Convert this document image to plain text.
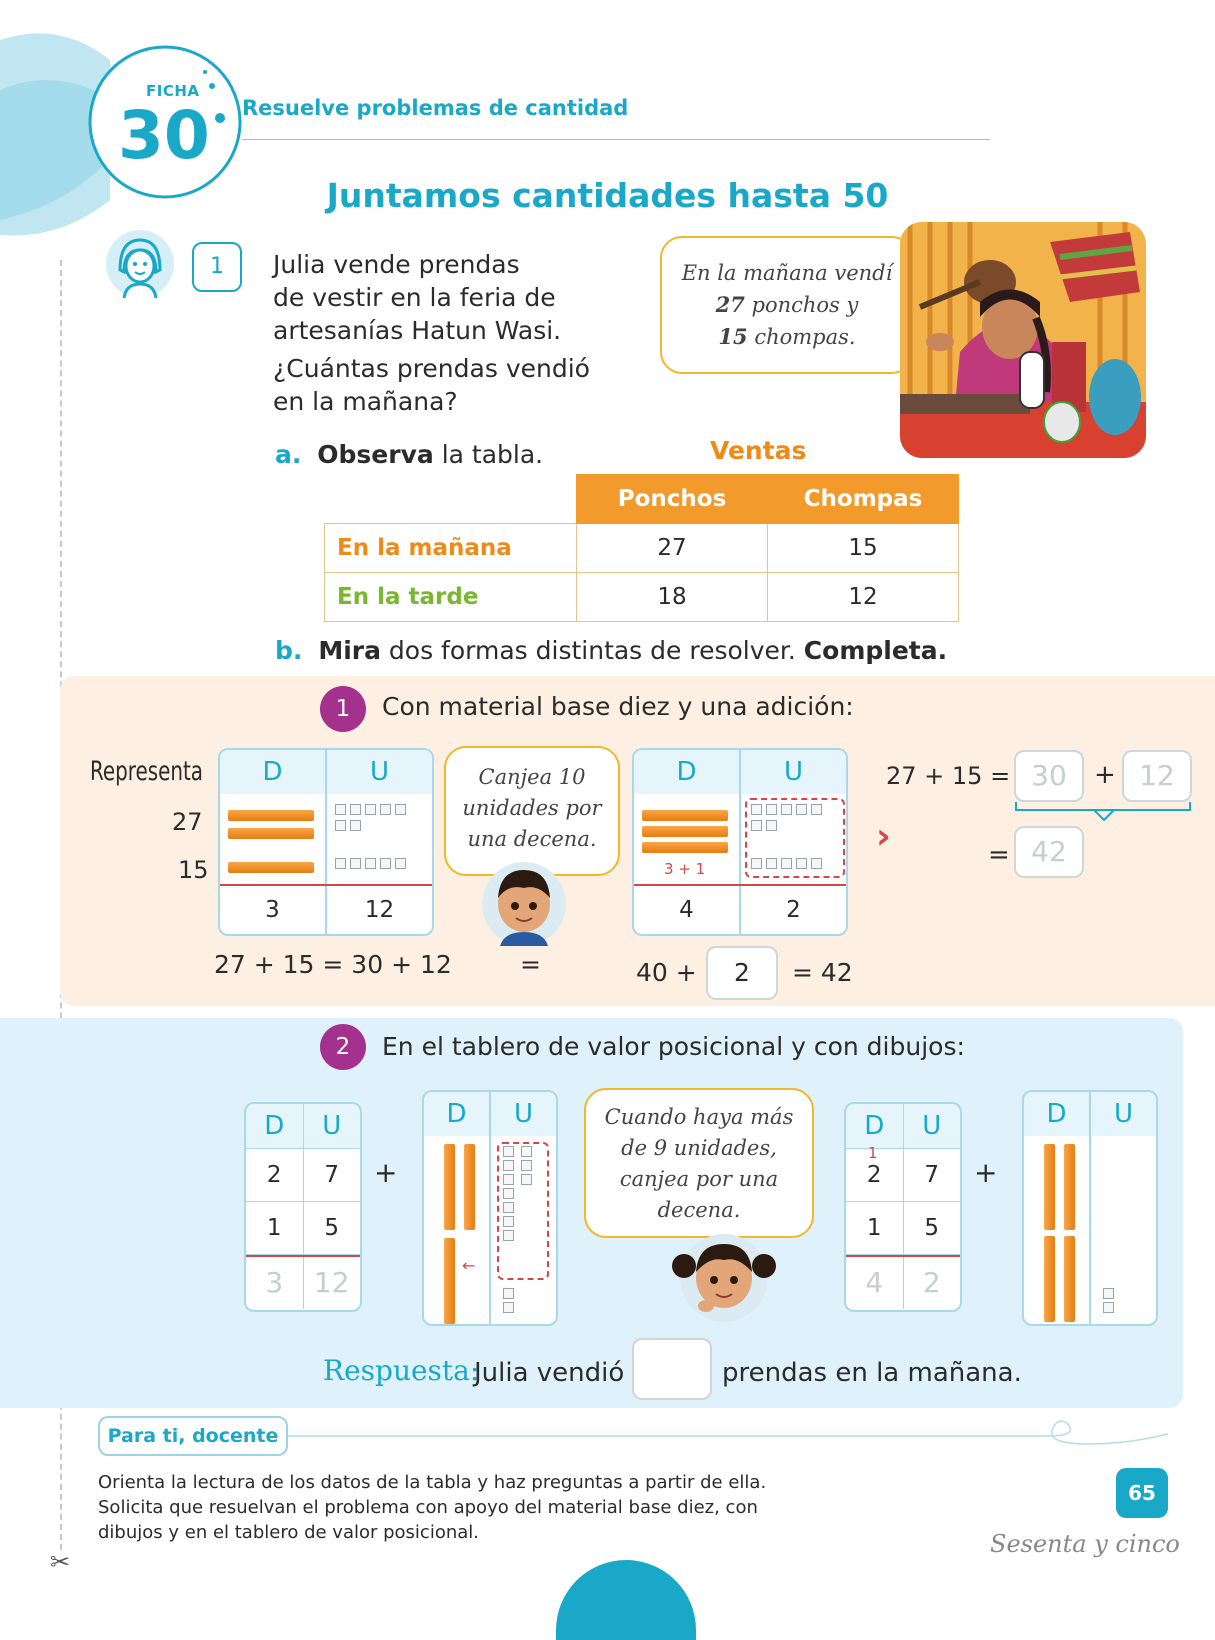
FICHA
30 Resuelve problemas de cantidad
Juntamos cantidades hasta 50
✂
1	Julia vende prendas
de vestir en la feria de
artesanías Hatun Wasi.
¿Cuántas prendas vendió
en la mañana?
En la mañana vendí
27 ponchos y
15 chompas.
a. Observa la tabla.	Ventas
	Ponchos	Chompas
En la mañana	27	15
En la tarde	18	12
b. Mira dos formas distintas de resolver. Completa.
1	Con material base diez y una adición:
Representa
27
15
D	U
3	12
Canjea 10
unidades por
una decena.
D	U
3 + 1
4	2
›
27 + 15 = 30	+ 12
= 42
27 + 15 = 30 + 12	=	40 +	2	= 42
2	En el tablero de valor posicional y con dibujos:
D	U
2	7
1	5
3	12
+
D	U
←
Cuando haya más
de 9 unidades,
canjea por una
decena.
D	U
2	7
1	5
4	2
1
+
D	U
Respuesta:
Julia vendió	prendas en la mañana.
Para ti, docente
Orienta la lectura de los datos de la tabla y haz preguntas a partir de ella.
Solicita que resuelvan el problema con apoyo del material base diez, con
dibujos y en el tablero de valor posicional.
65
Sesenta y cinco
